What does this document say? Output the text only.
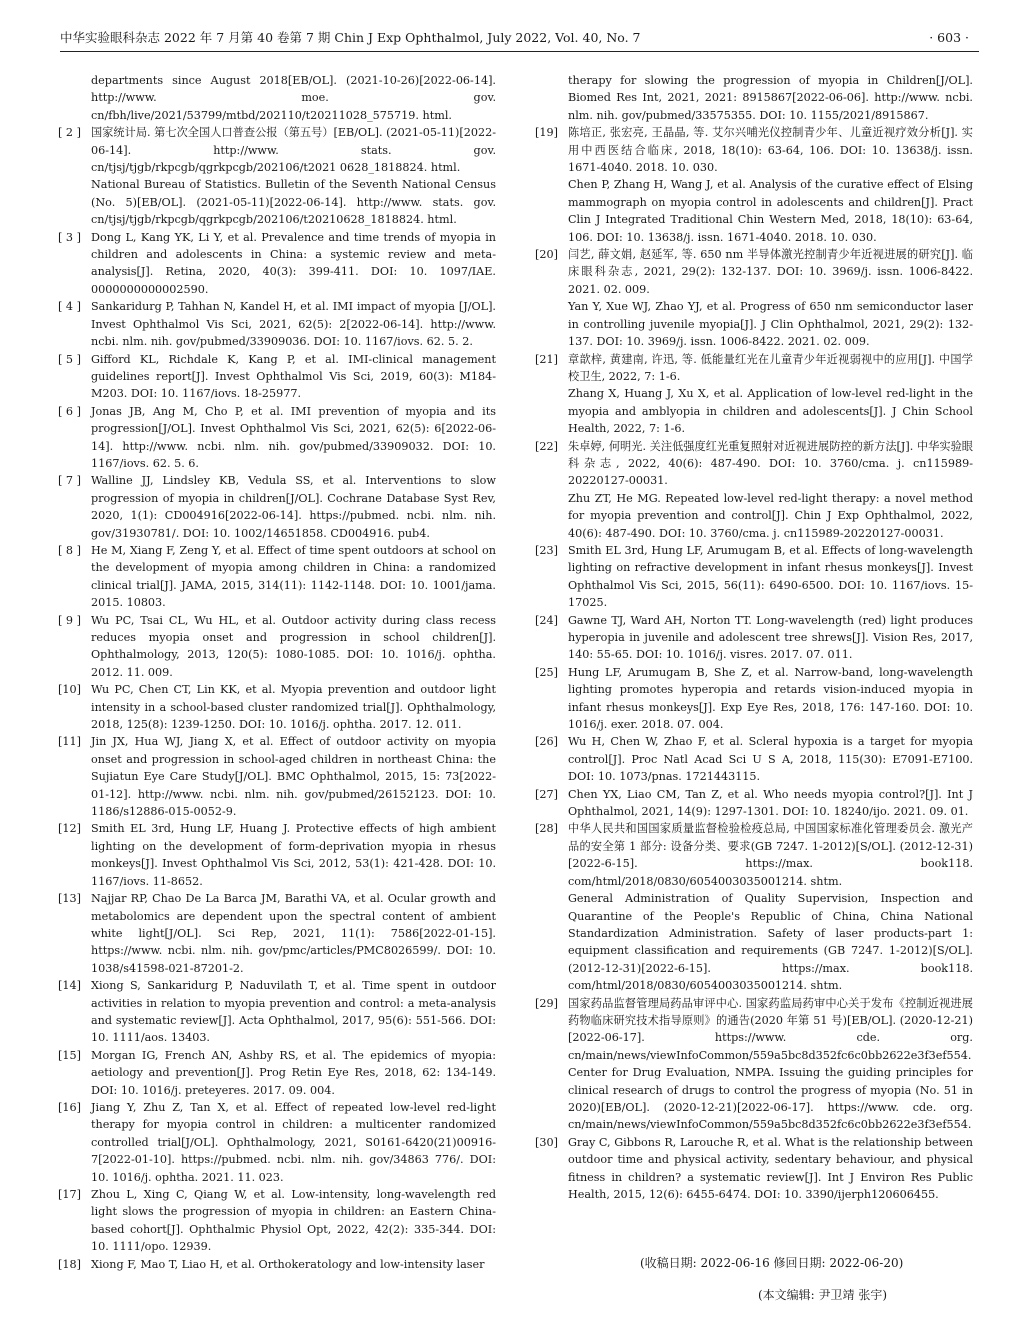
中华实验眼科杂志 2022 年 7 月第 40 卷第 7 期 Chin J Exp Ophthalmol, July 2022, Vol. 40, No. 7	· 603 ·

departments since August 2018[EB/OL]. (2021-10-26)[2022-06-14]. http://www. moe. gov. cn/fbh/live/2021/53799/mtbd/202110/t20211028_575719. html.

[ 2 ] 国家统计局. 第七次全国人口普查公报（第五号）[EB/OL]. (2021-05-11)[2022-06-14]. http://www. stats. gov. cn/tjsj/tjgb/rkpcgb/qgrkpcgb/202106/t2021 0628_1818824. html.

National Bureau of Statistics. Bulletin of the Seventh National Census (No. 5)[EB/OL]. (2021-05-11)[2022-06-14]. http://www. stats. gov. cn/tjsj/tjgb/rkpcgb/qgrkpcgb/202106/t20210628_1818824. html.

[ 3 ] Dong L, Kang YK, Li Y, et al. Prevalence and time trends of myopia in children and adolescents in China: a systemic review and meta-analysis[J]. Retina, 2020, 40(3): 399-411. DOI: 10. 1097/IAE. 0000000000002590.

[ 4 ] Sankaridurg P, Tahhan N, Kandel H, et al. IMI impact of myopia [J/OL]. Invest Ophthalmol Vis Sci, 2021, 62(5): 2[2022-06-14]. http://www. ncbi. nlm. nih. gov/pubmed/33909036. DOI: 10. 1167/iovs. 62. 5. 2.

[ 5 ] Gifford KL, Richdale K, Kang P, et al. IMI-clinical management guidelines report[J]. Invest Ophthalmol Vis Sci, 2019, 60(3): M184-M203. DOI: 10. 1167/iovs. 18-25977.

[ 6 ] Jonas JB, Ang M, Cho P, et al. IMI prevention of myopia and its progression[J/OL]. Invest Ophthalmol Vis Sci, 2021, 62(5): 6[2022-06-14]. http://www. ncbi. nlm. nih. gov/pubmed/33909032. DOI: 10. 1167/iovs. 62. 5. 6.

[ 7 ] Walline JJ, Lindsley KB, Vedula SS, et al. Interventions to slow progression of myopia in children[J/OL]. Cochrane Database Syst Rev, 2020, 1(1): CD004916[2022-06-14]. https://pubmed. ncbi. nlm. nih. gov/31930781/. DOI: 10. 1002/14651858. CD004916. pub4.

[ 8 ] He M, Xiang F, Zeng Y, et al. Effect of time spent outdoors at school on the development of myopia among children in China: a randomized clinical trial[J]. JAMA, 2015, 314(11): 1142-1148. DOI: 10. 1001/jama. 2015. 10803.

[ 9 ] Wu PC, Tsai CL, Wu HL, et al. Outdoor activity during class recess reduces myopia onset and progression in school children[J]. Ophthalmology, 2013, 120(5): 1080-1085. DOI: 10. 1016/j. ophtha. 2012. 11. 009.

[10] Wu PC, Chen CT, Lin KK, et al. Myopia prevention and outdoor light intensity in a school-based cluster randomized trial[J]. Ophthalmology, 2018, 125(8): 1239-1250. DOI: 10. 1016/j. ophtha. 2017. 12. 011.

[11] Jin JX, Hua WJ, Jiang X, et al. Effect of outdoor activity on myopia onset and progression in school-aged children in northeast China: the Sujiatun Eye Care Study[J/OL]. BMC Ophthalmol, 2015, 15: 73[2022-01-12]. http://www. ncbi. nlm. nih. gov/pubmed/26152123. DOI: 10. 1186/s12886-015-0052-9.

[12] Smith EL 3rd, Hung LF, Huang J. Protective effects of high ambient lighting on the development of form-deprivation myopia in rhesus monkeys[J]. Invest Ophthalmol Vis Sci, 2012, 53(1): 421-428. DOI: 10. 1167/iovs. 11-8652.

[13] Najjar RP, Chao De La Barca JM, Barathi VA, et al. Ocular growth and metabolomics are dependent upon the spectral content of ambient white light[J/OL]. Sci Rep, 2021, 11(1): 7586[2022-01-15]. https://www. ncbi. nlm. nih. gov/pmc/articles/PMC8026599/. DOI: 10. 1038/s41598-021-87201-2.

[14] Xiong S, Sankaridurg P, Naduvilath T, et al. Time spent in outdoor activities in relation to myopia prevention and control: a meta-analysis and systematic review[J]. Acta Ophthalmol, 2017, 95(6): 551-566. DOI: 10. 1111/aos. 13403.

[15] Morgan IG, French AN, Ashby RS, et al. The epidemics of myopia: aetiology and prevention[J]. Prog Retin Eye Res, 2018, 62: 134-149. DOI: 10. 1016/j. preteyeres. 2017. 09. 004.

[16] Jiang Y, Zhu Z, Tan X, et al. Effect of repeated low-level red-light therapy for myopia control in children: a multicenter randomized controlled trial[J/OL]. Ophthalmology, 2021, S0161-6420(21)00916-7[2022-01-10]. https://pubmed. ncbi. nlm. nih. gov/34863 776/. DOI: 10. 1016/j. ophtha. 2021. 11. 023.

[17] Zhou L, Xing C, Qiang W, et al. Low-intensity, long-wavelength red light slows the progression of myopia in children: an Eastern China-based cohort[J]. Ophthalmic Physiol Opt, 2022, 42(2): 335-344. DOI: 10. 1111/opo. 12939.

[18] Xiong F, Mao T, Liao H, et al. Orthokeratology and low-intensity laser

therapy for slowing the progression of myopia in Children[J/OL]. Biomed Res Int, 2021, 2021: 8915867[2022-06-06]. http://www. ncbi. nlm. nih. gov/pubmed/33575355. DOI: 10. 1155/2021/8915867.

[19] 陈培正, 张宏亮, 王晶晶, 等. 艾尔兴哺光仪控制青少年、儿童近视疗效分析[J]. 实用中西医结合临床, 2018, 18(10): 63-64, 106. DOI: 10. 13638/j. issn. 1671-4040. 2018. 10. 030.

Chen P, Zhang H, Wang J, et al. Analysis of the curative effect of Elsing mammograph on myopia control in adolescents and children[J]. Pract Clin J Integrated Traditional Chin Western Med, 2018, 18(10): 63-64, 106. DOI: 10. 13638/j. issn. 1671-4040. 2018. 10. 030.

[20] 闫艺, 薛文娟, 赵延军, 等. 650 nm 半导体激光控制青少年近视进展的研究[J]. 临床眼科杂志, 2021, 29(2): 132-137. DOI: 10. 3969/j. issn. 1006-8422. 2021. 02. 009.

Yan Y, Xue WJ, Zhao YJ, et al. Progress of 650 nm semiconductor laser in controlling juvenile myopia[J]. J Clin Ophthalmol, 2021, 29(2): 132-137. DOI: 10. 3969/j. issn. 1006-8422. 2021. 02. 009.

[21] 章歆梓, 黄建南, 许迅, 等. 低能量红光在儿童青少年近视弱视中的应用[J]. 中国学校卫生, 2022, 7: 1-6.

Zhang X, Huang J, Xu X, et al. Application of low-level red-light in the myopia and amblyopia in children and adolescents[J]. J Chin School Health, 2022, 7: 1-6.

[22] 朱卓婷, 何明光. 关注低强度红光重复照射对近视进展防控的新方法[J]. 中华实验眼科杂志, 2022, 40(6): 487-490. DOI: 10. 3760/cma. j. cn115989-20220127-00031.

Zhu ZT, He MG. Repeated low-level red-light therapy: a novel method for myopia prevention and control[J]. Chin J Exp Ophthalmol, 2022, 40(6): 487-490. DOI: 10. 3760/cma. j. cn115989-20220127-00031.

[23] Smith EL 3rd, Hung LF, Arumugam B, et al. Effects of long-wavelength lighting on refractive development in infant rhesus monkeys[J]. Invest Ophthalmol Vis Sci, 2015, 56(11): 6490-6500. DOI: 10. 1167/iovs. 15-17025.

[24] Gawne TJ, Ward AH, Norton TT. Long-wavelength (red) light produces hyperopia in juvenile and adolescent tree shrews[J]. Vision Res, 2017, 140: 55-65. DOI: 10. 1016/j. visres. 2017. 07. 011.

[25] Hung LF, Arumugam B, She Z, et al. Narrow-band, long-wavelength lighting promotes hyperopia and retards vision-induced myopia in infant rhesus monkeys[J]. Exp Eye Res, 2018, 176: 147-160. DOI: 10. 1016/j. exer. 2018. 07. 004.

[26] Wu H, Chen W, Zhao F, et al. Scleral hypoxia is a target for myopia control[J]. Proc Natl Acad Sci U S A, 2018, 115(30): E7091-E7100. DOI: 10. 1073/pnas. 1721443115.

[27] Chen YX, Liao CM, Tan Z, et al. Who needs myopia control?[J]. Int J Ophthalmol, 2021, 14(9): 1297-1301. DOI: 10. 18240/ijo. 2021. 09. 01.

[28] 中华人民共和国国家质量监督检验检疫总局, 中国国家标准化管理委员会. 激光产品的安全第 1 部分: 设备分类、要求(GB 7247. 1-2012)[S/OL]. (2012-12-31)[2022-6-15]. https://max. book118. com/html/2018/0830/6054003035001214. shtm.

General Administration of Quality Supervision, Inspection and Quarantine of the People's Republic of China, China National Standardization Administration. Safety of laser products-part 1: equipment classification and requirements (GB 7247. 1-2012)[S/OL]. (2012-12-31)[2022-6-15]. https://max. book118. com/html/2018/0830/6054003035001214. shtm.

[29] 国家药品监督管理局药品审评中心. 国家药监局药审中心关于发布《控制近视进展药物临床研究技术指导原则》的通告(2020 年第 51 号)[EB/OL]. (2020-12-21)[2022-06-17]. https://www. cde. org. cn/main/news/viewInfoCommon/559a5bc8d352fc6c0bb2622e3f3ef554.

Center for Drug Evaluation, NMPA. Issuing the guiding principles for clinical research of drugs to control the progress of myopia (No. 51 in 2020)[EB/OL]. (2020-12-21)[2022-06-17]. https://www. cde. org. cn/main/news/viewInfoCommon/559a5bc8d352fc6c0bb2622e3f3ef554.

[30] Gray C, Gibbons R, Larouche R, et al. What is the relationship between outdoor time and physical activity, sedentary behaviour, and physical fitness in children? a systematic review[J]. Int J Environ Res Public Health, 2015, 12(6): 6455-6474. DOI: 10. 3390/ijerph120606455.

(收稿日期: 2022-06-16 修回日期: 2022-06-20)
(本文编辑: 尹卫靖 张宇)
